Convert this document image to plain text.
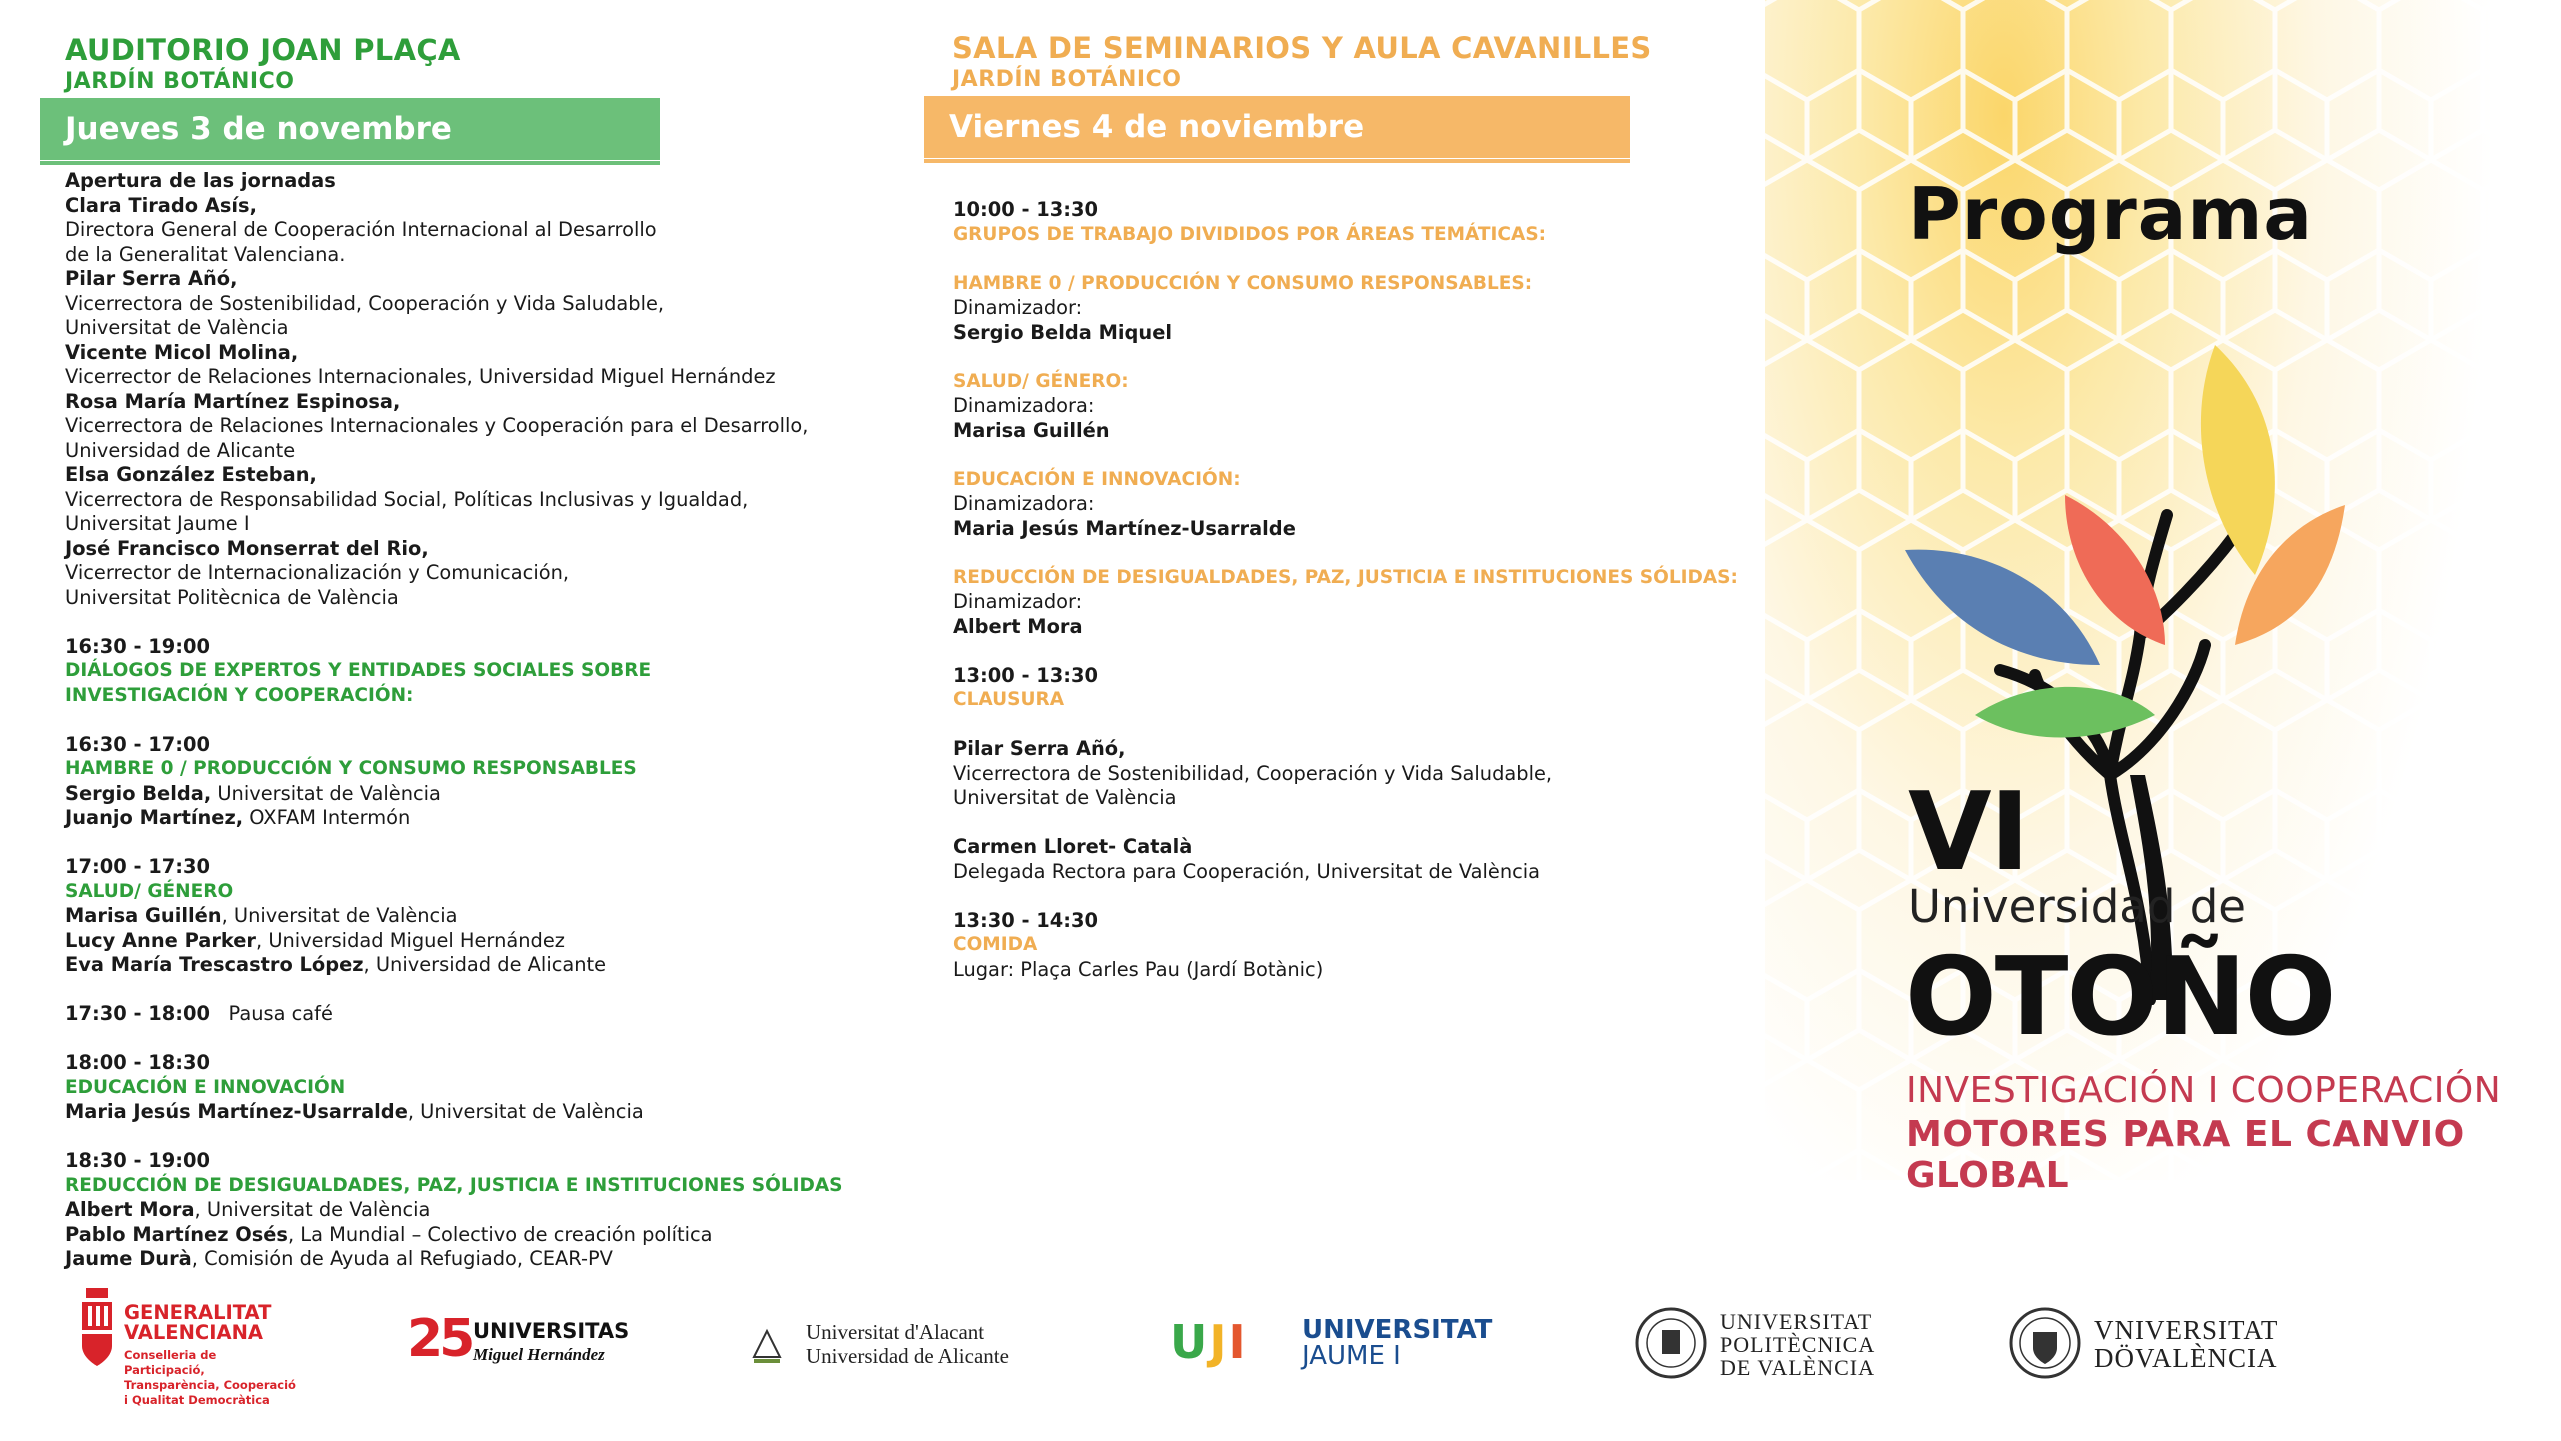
AUDITORIO JOAN PLAÇA
JARDÍN BOTÁNICO
Jueves 3 de novembre
Apertura de las jornadas
Clara Tirado Asís,
Directora General de Cooperación Internacional al Desarrollo
de la Generalitat Valenciana.
Pilar Serra Añó,
Vicerrectora de Sostenibilidad, Cooperación y Vida Saludable,
Universitat de València
Vicente Micol Molina,
Vicerrector de Relaciones Internacionales, Universidad Miguel Hernández
Rosa María Martínez Espinosa,
Vicerrectora de Relaciones Internacionales y Cooperación para el Desarrollo,
Universidad de Alicante
Elsa González Esteban,
Vicerrectora de Responsabilidad Social, Políticas Inclusivas y Igualdad,
Universitat Jaume I
José Francisco Monserrat del Rio,
Vicerrector de Internacionalización y Comunicación,
Universitat Politècnica de València
16:30 - 19:00
DIÁLOGOS DE EXPERTOS Y ENTIDADES SOCIALES SOBRE
INVESTIGACIÓN Y COOPERACIÓN:
16:30 - 17:00
HAMBRE 0 / PRODUCCIÓN Y CONSUMO RESPONSABLES
Sergio Belda, Universitat de València
Juanjo Martínez, OXFAM Intermón
17:00 - 17:30
SALUD/ GÉNERO
Marisa Guillén, Universitat de València
Lucy Anne Parker, Universidad Miguel Hernández
Eva María Trescastro López, Universidad de Alicante
17:30 - 18:00   Pausa café
18:00 - 18:30
EDUCACIÓN E INNOVACIÓN
Maria Jesús Martínez-Usarralde, Universitat de València
18:30 - 19:00
REDUCCIÓN DE DESIGUALDADES, PAZ, JUSTICIA E INSTITUCIONES SÓLIDAS
Albert Mora, Universitat de València
Pablo Martínez Osés, La Mundial – Colectivo de creación política
Jaume Durà, Comisión de Ayuda al Refugiado, CEAR-PV
SALA DE SEMINARIOS Y AULA CAVANILLES
JARDÍN BOTÁNICO
Viernes 4 de noviembre
10:00 - 13:30
GRUPOS DE TRABAJO DIVIDIDOS POR ÁREAS TEMÁTICAS:
HAMBRE 0 / PRODUCCIÓN Y CONSUMO RESPONSABLES:
Dinamizador:
Sergio Belda Miquel
SALUD/ GÉNERO:
Dinamizadora:
Marisa Guillén
EDUCACIÓN E INNOVACIÓN:
Dinamizadora:
Maria Jesús Martínez-Usarralde
REDUCCIÓN DE DESIGUALDADES, PAZ, JUSTICIA E INSTITUCIONES SÓLIDAS:
Dinamizador:
Albert Mora
13:00 - 13:30
CLAUSURA
Pilar Serra Añó,
Vicerrectora de Sostenibilidad, Cooperación y Vida Saludable,
Universitat de València
Carmen Lloret- Català
Delegada Rectora para Cooperación, Universitat de València
13:30 - 14:30
COMIDA
Lugar: Plaça Carles Pau (Jardí Botànic)
Programa
VI
Universidad de
OTOÑO
INVESTIGACIÓN I COOPERACIÓN
MOTORES PARA EL CANVIO GLOBAL
GENERALITAT
VALENCIANA
Conselleria de Participació,
Transparència, Cooperació
i Qualitat Democràtica
25 UNIVERSITAS
Miguel Hernández
Universitat d'Alacant
Universidad de Alicante	UJI UNIVERSITAT
JAUME I
UNIVERSITAT
POLITÈCNICA
DE VALÈNCIA
VNIVERSITAT
DÖVALÈNCIA
